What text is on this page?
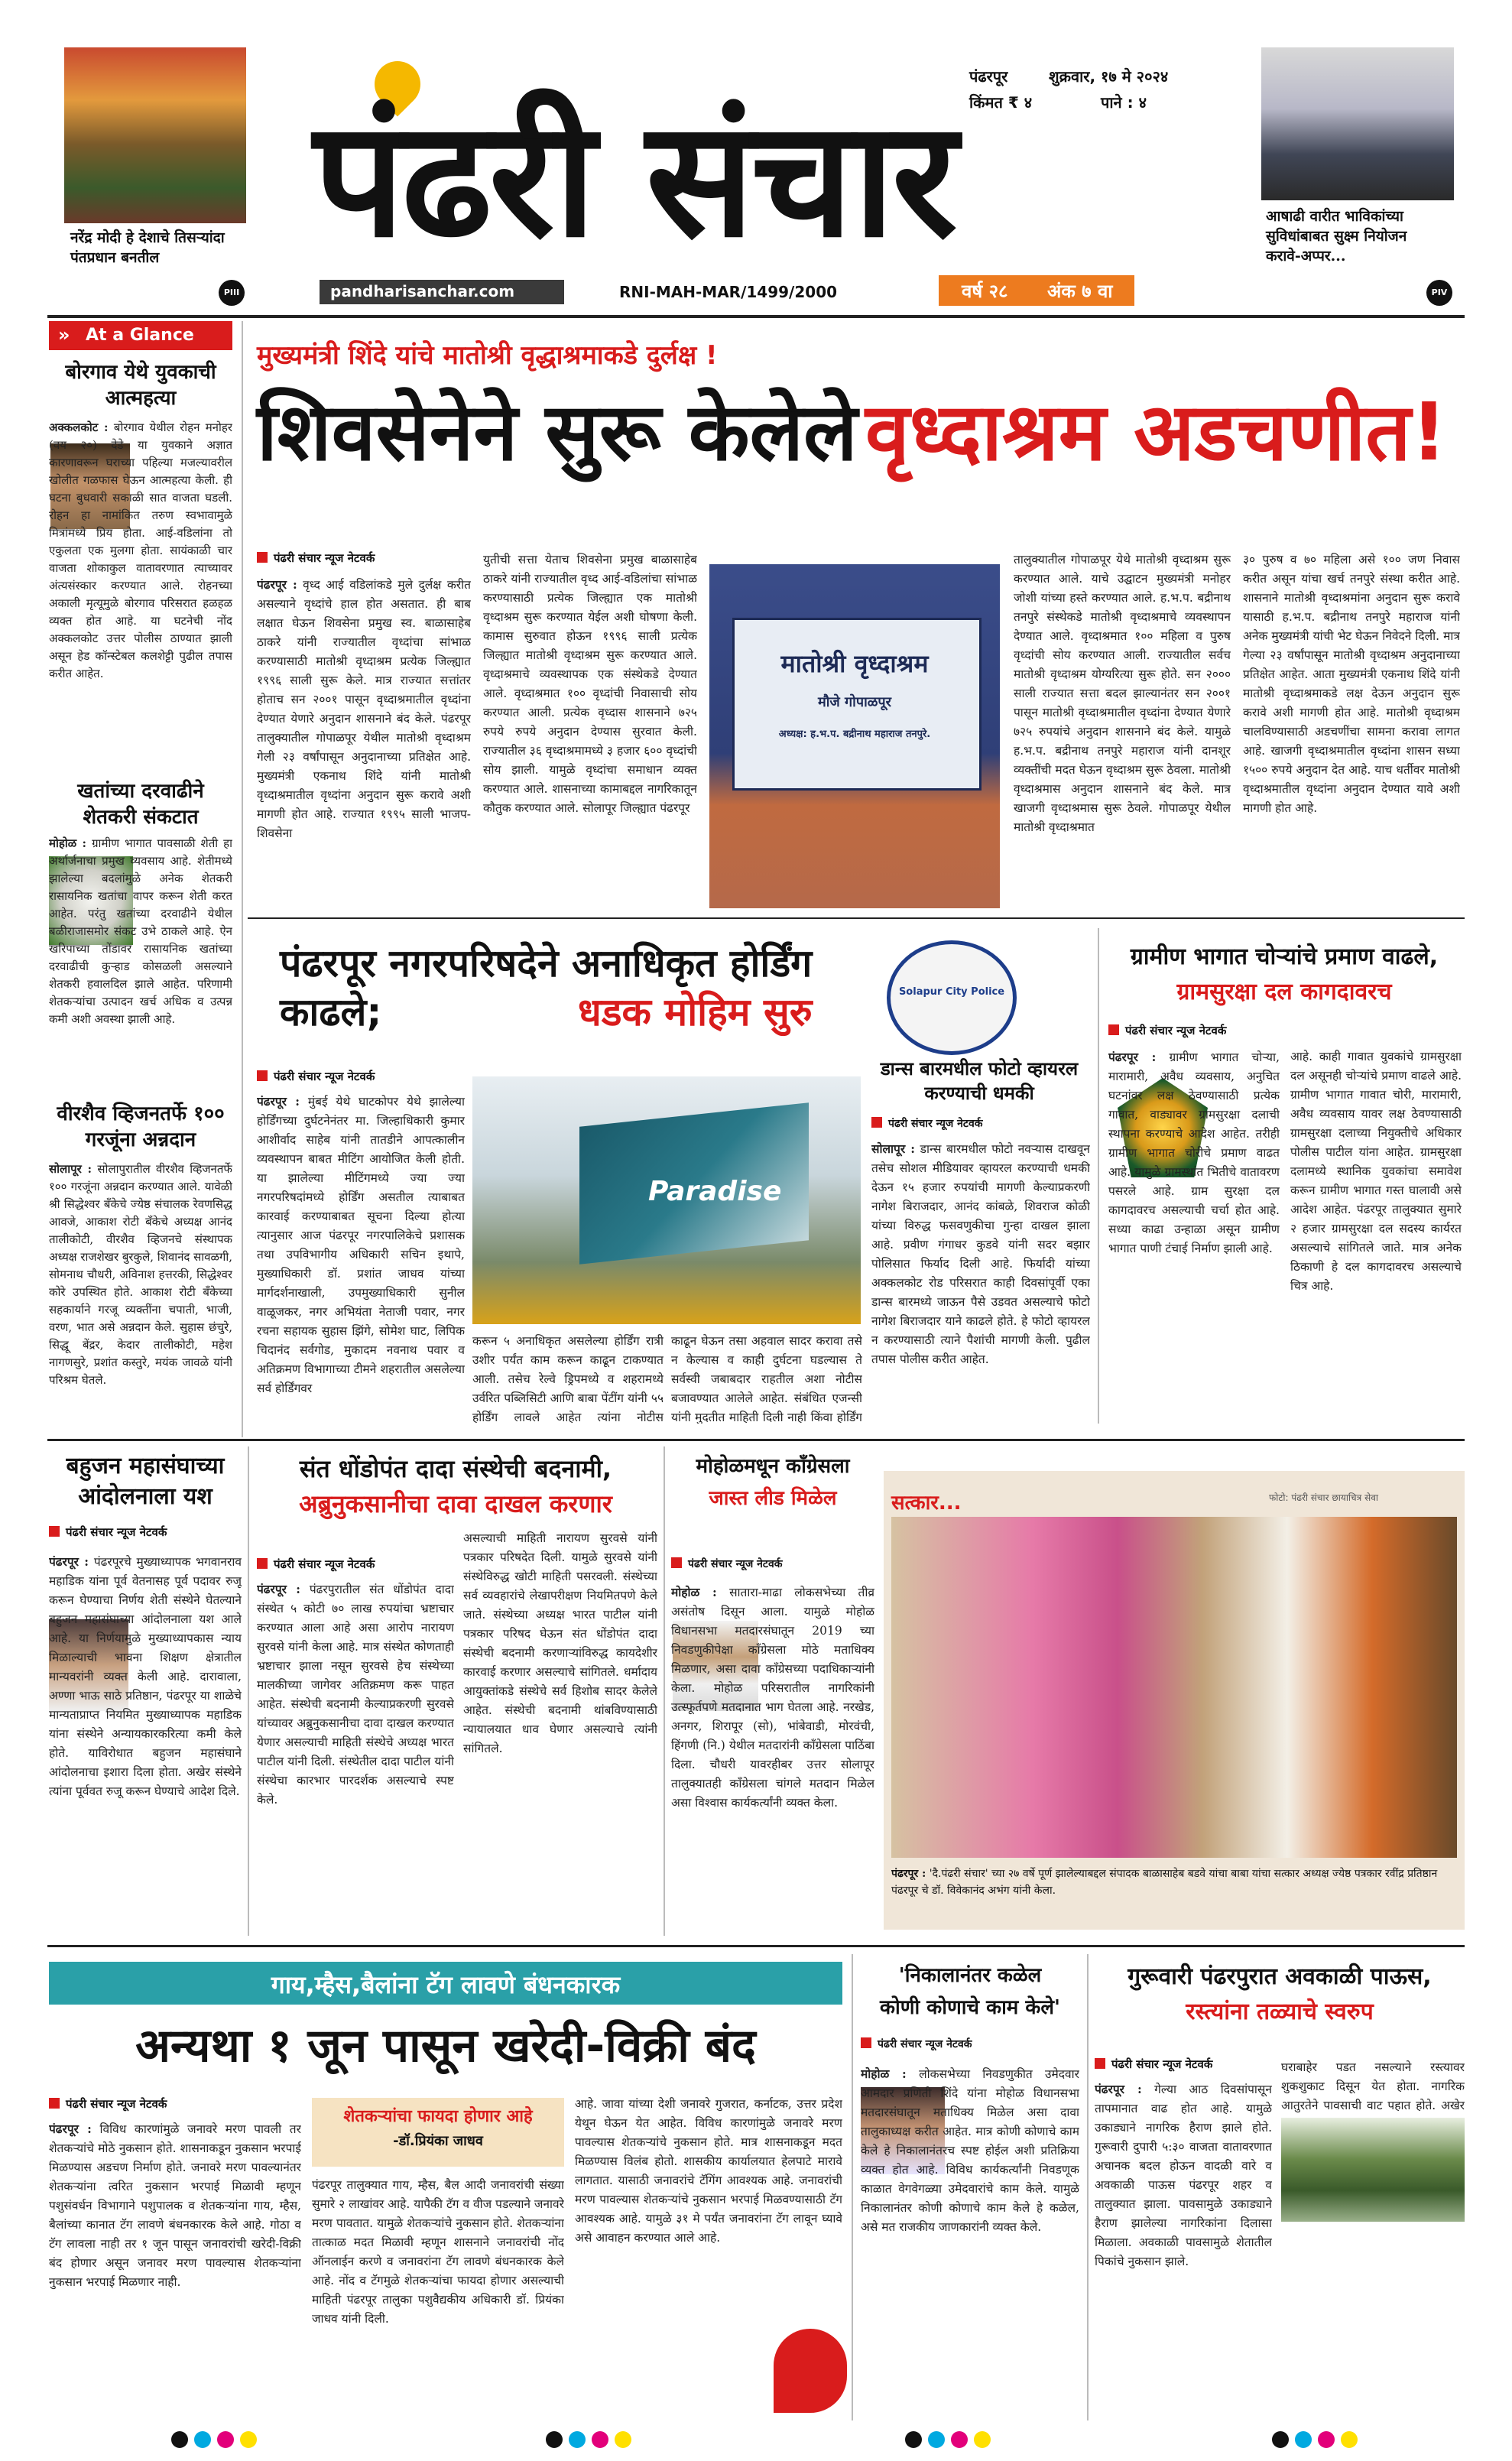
नरेंद्र मोदी हे देशाचे तिसऱ्यांदा पंतप्रधान बनतील
PIII
पंढरी संचार
pandharisanchar.com	RNI-MAH-MAR/1499/2000	वर्ष २८ अंक ७ वा
पंढरपूर	शुक्रवार, १७ मे २०२४
किंमत ₹ ४	पाने : ४
आषाढी वारीत भाविकांच्या सुविधांबाबत सुक्ष्म नियोजन करावे-अप्पर...
PIV
» At a Glance
बोरगाव येथे युवकाची आत्महत्या
अक्कलकोट : बोरगाव येथील रोहन मनोहर (वय २०) देडे या युवकाने अज्ञात कारणावरून घराच्या पहिल्या मजल्यावरील खोलीत गळफास घेऊन आत्महत्या केली. ही घटना बुधवारी सकाळी सात वाजता घडली. रोहन हा नामांकित तरुण स्वभावामुळे मित्रांमध्ये प्रिय होता. आई-वडिलांना तो एकुलता एक मुलगा होता. सायंकाळी चार वाजता शोकाकुल वातावरणात त्याच्यावर अंत्यसंस्कार करण्यात आले. रोहनच्या अकाली मृत्यूमुळे बोरगाव परिसरात हळहळ व्यक्त होत आहे. या घटनेची नोंद अक्कलकोट उत्तर पोलीस ठाण्यात झाली असून हेड कॉन्स्टेबल कलशेट्टी पुढील तपास करीत आहेत.
खतांच्या दरवाढीने शेतकरी संकटात
मोहोळ : ग्रामीण भागात पावसाळी शेती हा अर्थार्जनाचा प्रमुख व्यवसाय आहे. शेतीमध्ये झालेल्या बदलांमुळे अनेक शेतकरी रासायनिक खतांचा वापर करून शेती करत आहेत. परंतु खतांच्या दरवाढीने येथील बळीराजासमोर संकट उभे ठाकले आहे. ऐन खरिपाच्या तोंडावर रासायनिक खतांच्या दरवाढीची कुऱ्हाड कोसळली असल्याने शेतकरी हवालदिल झाले आहेत. परिणामी शेतकऱ्यांचा उत्पादन खर्च अधिक व उत्पन्न कमी अशी अवस्था झाली आहे.
वीरशैव व्हिजनतर्फे १०० गरजूंना अन्नदान
सोलापूर : सोलापुरातील वीरशैव व्हिजनतर्फे १०० गरजूंना अन्नदान करण्यात आले. यावेळी श्री सिद्धेश्वर बँकेचे ज्येष्ठ संचालक रेवणसिद्ध आवजे, आकाश रोटी बँकेचे अध्यक्ष आनंद तालीकोटी, वीरशैव व्हिजनचे संस्थापक अध्यक्ष राजशेखर बुरकुले, शिवानंद सावळगी, सोमनाथ चौधरी, अविनाश हत्तरकी, सिद्धेश्वर कोरे उपस्थित होते. आकाश रोटी बँकेच्या सहकार्याने गरजू व्यक्तींना चपाती, भाजी, वरण, भात असे अन्नदान केले. सुहास छंचुरे, सिद्धू बेंद्रर, केदार तालीकोटी, महेश नागणसुरे, प्रशांत कस्तुरे, मयंक जावळे यांनी परिश्रम घेतले.
मुख्यमंत्री शिंदे यांचे मातोश्री वृद्धाश्रमाकडे दुर्लक्ष !
शिवसेनेने सुरू केलेले वृध्दाश्रम अडचणीत!
पंढरी संचार न्यूज नेटवर्क
पंढरपूर : वृध्द आई वडिलांकडे मुले दुर्लक्ष करीत असल्याने वृध्दांचे हाल होत असतात. ही बाब लक्षात घेऊन शिवसेना प्रमुख स्व. बाळासाहेब ठाकरे यांनी राज्यातील वृध्दांचा सांभाळ करण्यासाठी मातोश्री वृध्दाश्रम प्रत्येक जिल्ह्यात १९९६ साली सुरू केले. मात्र राज्यात सत्तांतर होताच सन २००१ पासून वृध्दाश्रमातील वृध्दांना देण्यात येणारे अनुदान शासनाने बंद केले. पंढरपूर तालुक्यातील गोपाळपूर येथील मातोश्री वृध्दाश्रम गेली २३ वर्षांपासून अनुदानाच्या प्रतिक्षेत आहे. मुख्यमंत्री एकनाथ शिंदे यांनी मातोश्री वृध्दाश्रमातील वृध्दांना अनुदान सुरू करावे अशी मागणी होत आहे. राज्यात १९९५ साली भाजप-शिवसेना
युतीची सत्ता येताच शिवसेना प्रमुख बाळासाहेब ठाकरे यांनी राज्यातील वृध्द आई-वडिलांचा सांभाळ करण्यासाठी प्रत्येक जिल्ह्यात एक मातोश्री वृध्दाश्रम सुरू करण्यात येईल अशी घोषणा केली. कामास सुरुवात होऊन १९९६ साली प्रत्येक जिल्ह्यात मातोश्री वृध्दाश्रम सुरू करण्यात आले. वृध्दाश्रमाचे व्यवस्थापक एक संस्थेकडे देण्यात आले. वृध्दाश्रमात १०० वृध्दांची निवासाची सोय करण्यात आली. प्रत्येक वृध्दास शासनाने ७२५ रुपये रुपये अनुदान देण्यास सुरवात केली. राज्यातील ३६ वृध्दाश्रमामध्ये ३ हजार ६०० वृध्दांची सोय झाली. यामुळे वृध्दांचा समाधान व्यक्त करण्यात आले. शासनाच्या कामाबद्दल नागरिकातून कौतुक करण्यात आले. सोलापूर जिल्ह्यात पंढरपूर
मातोश्री वृध्दाश्रम
मौजे गोपाळपूर
अध्यक्ष: ह.भ.प. बद्रीनाथ महाराज तनपुरे.
तालुक्यातील गोपाळपूर येथे मातोश्री वृध्दाश्रम सुरू करण्यात आले. याचे उद्घाटन मुख्यमंत्री मनोहर जोशी यांच्या हस्ते करण्यात आले. ह.भ.प. बद्रीनाथ तनपुरे संस्थेकडे मातोश्री वृध्दाश्रमाचे व्यवस्थापन देण्यात आले. वृध्दाश्रमात १०० महिला व पुरुष वृध्दांची सोय करण्यात आली. राज्यातील सर्वच मातोश्री वृध्दाश्रम योग्यरित्या सुरू होते. सन २००० साली राज्यात सत्ता बदल झाल्यानंतर सन २००१ पासून मातोश्री वृध्दाश्रमातील वृध्दांना देण्यात येणारे ७२५ रुपयांचे अनुदान शासनाने बंद केले. यामुळे ह.भ.प. बद्रीनाथ तनपुरे महाराज यांनी दानशूर व्यक्तींची मदत घेऊन वृध्दाश्रम सुरू ठेवला. मातोश्री वृध्दाश्रमास अनुदान शासनाने बंद केले. मात्र खाजगी वृध्दाश्रमास सुरू ठेवले. गोपाळपूर येथील मातोश्री वृध्दाश्रमात
३० पुरुष व ७० महिला असे १०० जण निवास करीत असून यांचा खर्च तनपुरे संस्था करीत आहे. शासनाने मातोश्री वृध्दाश्रमांना अनुदान सुरू करावे यासाठी ह.भ.प. बद्रीनाथ तनपुरे महाराज यांनी अनेक मुख्यमंत्री यांची भेट घेऊन निवेदने दिली. मात्र गेल्या २३ वर्षांपासून मातोश्री वृध्दाश्रम अनुदानाच्या प्रतिक्षेत आहेत. आता मुख्यमंत्री एकनाथ शिंदे यांनी मातोश्री वृध्दाश्रमाकडे लक्ष देऊन अनुदान सुरू करावे अशी मागणी होत आहे. मातोश्री वृध्दाश्रम चालविण्यासाठी अडचणींचा सामना करावा लागत आहे. खाजगी वृध्दाश्रमातील वृध्दांना शासन सध्या १५०० रुपये अनुदान देत आहे. याच धर्तीवर मातोश्री वृध्दाश्रमातील वृध्दांना अनुदान देण्यात यावे अशी मागणी होत आहे.
पंढरपूर नगरपरिषदेने अनाधिकृत होर्डिंग काढले;	धडक मोहिम सुरु
पंढरी संचार न्यूज नेटवर्क
पंढरपूर : मुंबई येथे घाटकोपर येथे झालेल्या होर्डिंगच्या दुर्घटनेनंतर मा. जिल्हाधिकारी कुमार आशीर्वाद साहेब यांनी तातडीने आपत्कालीन व्यवस्थापन बाबत मीटिंग आयोजित केली होती. या झालेल्या मीटिंगमध्ये ज्या ज्या नगरपरिषदांमध्ये होर्डिंग असतील त्याबाबत कारवाई करण्याबाबत सूचना दिल्या होत्या त्यानुसार आज पंढरपूर नगरपालिकेचे प्रशासक तथा उपविभागीय अधिकारी सचिन इथापे, मुख्याधिकारी डॉ. प्रशांत जाधव यांच्या मार्गदर्शनाखाली, उपमुख्याधिकारी सुनील वाळूजकर, नगर अभियंता नेताजी पवार, नगर रचना सहायक सुहास झिंगे, सोमेश घाट, लिपिक चिदानंद सर्वगोड, मुकादम नवनाथ पवार व अतिक्रमण विभागाच्या टीमने शहरातील असलेल्या सर्व होर्डिंगवर
Paradise
करून ५ अनाधिकृत असलेल्या होर्डिंग रात्री उशीर पर्यंत काम करून काढून टाकण्यात आली. तसेच रेल्वे ड्रिपमध्ये व शहरामध्ये उर्वरित पब्लिसिटी आणि बाबा पेंटींग यांनी ५५ होर्डिंग लावले आहेत त्यांना नोटीस
काढून घेऊन तसा अहवाल सादर करावा तसे न केल्यास व काही दुर्घटना घडल्यास ते सर्वस्वी जबाबदार राहतील अशा नोटीस बजावण्यात आलेले आहेत. संबंधित एजन्सी यांनी मुदतीत माहिती दिली नाही किंवा होर्डिंग
Solapur City Police
डान्स बारमधील फोटो व्हायरल करण्याची धमकी
पंढरी संचार न्यूज नेटवर्क
सोलापूर : डान्स बारमधील फोटो नवऱ्यास दाखवून तसेच सोशल मीडियावर व्हायरल करण्याची धमकी देऊन १५ हजार रुपयांची मागणी केल्याप्रकरणी नागेश बिराजदार, आनंद कांबळे, शिवराज कोळी यांच्या विरुद्ध फसवणुकीचा गुन्हा दाखल झाला आहे. प्रवीण गंगाधर कुडवे यांनी सदर बझार पोलिसात फिर्याद दिली आहे. फिर्यादी यांच्या अक्कलकोट रोड परिसरात काही दिवसांपूर्वी एका डान्स बारमध्ये जाऊन पैसे उडवत असल्याचे फोटो नागेश बिराजदार याने काढले होते. हे फोटो व्हायरल न करण्यासाठी त्याने पैशांची मागणी केली. पुढील तपास पोलीस करीत आहेत.
ग्रामीण भागात चोऱ्यांचे प्रमाण वाढले,
ग्रामसुरक्षा दल कागदावरच
पंढरी संचार न्यूज नेटवर्क
पंढरपूर : ग्रामीण भागात चोऱ्या, मारामारी, अवैध व्यवसाय, अनुचित घटनांवर लक्ष ठेवण्यासाठी प्रत्येक गावात, वाड्यावर ग्रामसुरक्षा दलाची स्थापना करण्याचे आदेश आहेत. तरीही ग्रामीण भागात चोरीचे प्रमाण वाढत आहे. यामुळे ग्रामस्थांत भितीचे वातावरण पसरले आहे. ग्राम सुरक्षा दल कागदावरच असल्याची चर्चा होत आहे. सध्या काढा उन्हाळा असून ग्रामीण भागात पाणी टंचाई निर्माण झाली आहे.
आहे. काही गावात युवकांचे ग्रामसुरक्षा दल असूनही चोऱ्यांचे प्रमाण वाढले आहे. ग्रामीण भागात गावात चोरी, मारामारी, अवैध व्यवसाय यावर लक्ष ठेवण्यासाठी ग्रामसुरक्षा दलाच्या नियुक्तीचे अधिकार पोलीस पाटील यांना आहेत. ग्रामसुरक्षा दलामध्ये स्थानिक युवकांचा समावेश करून ग्रामीण भागात गस्त घालावी असे आदेश आहेत. पंढरपूर तालुक्यात सुमारे २ हजार ग्रामसुरक्षा दल सदस्य कार्यरत असल्याचे सांगितले जाते. मात्र अनेक ठिकाणी हे दल कागदावरच असल्याचे चित्र आहे.
बहुजन महासंघाच्या आंदोलनाला यश
पंढरी संचार न्यूज नेटवर्क
पंढरपूर : पंढरपूरचे मुख्याध्यापक भगवानराव महाडिक यांना पूर्व वेतनासह पूर्व पदावर रुजू करून घेण्याचा निर्णय शेती संस्थेने घेतल्याने बहुजन महासंघाच्या आंदोलनाला यश आले आहे. या निर्णयामुळे मुख्याध्यापकास न्याय मिळाल्याची भावना शिक्षण क्षेत्रातील मान्यवरांनी व्यक्त केली आहे. दारावाला, अण्णा भाऊ साठे प्रतिष्ठान, पंढरपूर या शाळेचे मान्यताप्राप्त नियमित मुख्याध्यापक महाडिक यांना संस्थेने अन्यायकारकरित्या कमी केले होते. याविरोधात बहुजन महासंघाने आंदोलनाचा इशारा दिला होता. अखेर संस्थेने त्यांना पूर्ववत रुजू करून घेण्याचे आदेश दिले.
संत धोंडोपंत दादा संस्थेची बदनामी,
अब्रुनुकसानीचा दावा दाखल करणार
पंढरी संचार न्यूज नेटवर्क
पंढरपूर : पंढरपुरातील संत धोंडोपंत दादा संस्थेत ५ कोटी ७० लाख रुपयांचा भ्रष्टाचार करण्यात आला आहे असा आरोप नारायण सुरवसे यांनी केला आहे. मात्र संस्थेत कोणताही भ्रष्टाचार झाला नसून सुरवसे हेच संस्थेच्या मालकीच्या जागेवर अतिक्रमण करू पाहत आहेत. संस्थेची बदनामी केल्याप्रकरणी सुरवसे यांच्यावर अब्रुनुकसानीचा दावा दाखल करण्यात येणार असल्याची माहिती संस्थेचे अध्यक्ष भारत पाटील यांनी दिली. संस्थेतील दादा पाटील यांनी संस्थेचा कारभार पारदर्शक असल्याचे स्पष्ट केले.
असल्याची माहिती नारायण सुरवसे यांनी पत्रकार परिषदेत दिली. यामुळे सुरवसे यांनी संस्थेविरुद्ध खोटी माहिती पसरवली. संस्थेच्या सर्व व्यवहारांचे लेखापरीक्षण नियमितपणे केले जाते. संस्थेच्या अध्यक्ष भारत पाटील यांनी पत्रकार परिषद घेऊन संत धोंडोपंत दादा संस्थेची बदनामी करणाऱ्यांविरुद्ध कायदेशीर कारवाई करणार असल्याचे सांगितले. धर्मादाय आयुक्तांकडे संस्थेचे सर्व हिशोब सादर केलेले आहेत. संस्थेची बदनामी थांबविण्यासाठी न्यायालयात धाव घेणार असल्याचे त्यांनी सांगितले.
मोहोळमधून काँग्रेसला
जास्त लीड मिळेल
पंढरी संचार न्यूज नेटवर्क
मोहोळ : सातारा-माढा लोकसभेच्या तीव्र असंतोष दिसून आला. यामुळे मोहोळ विधानसभा मतदारसंघातून 2019 च्या निवडणुकीपेक्षा काँग्रेसला मोठे मताधिक्य मिळणार, असा दावा काँग्रेसच्या पदाधिकाऱ्यांनी केला. मोहोळ परिसरातील नागरिकांनी उत्स्फूर्तपणे मतदानात भाग घेतला आहे. नरखेड, अनगर, शिरापूर (सो), भांबेवाडी, मोरवंची, हिंगणी (नि.) येथील मतदारांनी काँग्रेसला पाठिंबा दिला. चौधरी यावरहीबर उत्तर सोलापूर तालुक्यातही काँग्रेसला चांगले मतदान मिळेल असा विश्वास कार्यकर्त्यांनी व्यक्त केला.
सत्कार...	फोटो: पंढरी संचार छायाचित्र सेवा
पंढरपूर : 'दै.पंढरी संचार' च्या २७ वर्षे पूर्ण झालेल्याबद्दल संपादक बाळासाहेब बडवे यांचा बाबा यांचा सत्कार अध्यक्ष ज्येष्ठ पत्रकार रवींद्र प्रतिष्ठान पंढरपूर चे डॉ. विवेकानंद अभंग यांनी केला.
गाय,म्हैस,बैलांना टॅग लावणे बंधनकारक
अन्यथा १ जून पासून खरेदी-विक्री बंद
पंढरी संचार न्यूज नेटवर्क
पंढरपूर : विविध कारणांमुळे जनावरे मरण पावली तर शेतकऱ्यांचे मोठे नुकसान होते. शासनाकडून नुकसान भरपाई मिळण्यास अडचण निर्माण होते. जनावरे मरण पावल्यानंतर शेतकऱ्यांना त्वरित नुकसान भरपाई मिळावी म्हणून पशुसंवर्धन विभागाने पशुपालक व शेतकऱ्यांना गाय, म्हैस, बैलांच्या कानात टॅग लावणे बंधनकारक केले आहे. गोठा व टॅग लावला नाही तर १ जून पासून जनावरांची खरेदी-विक्री बंद होणार असून जनावर मरण पावल्यास शेतकऱ्यांना नुकसान भरपाई मिळणार नाही.
शेतकऱ्यांचा फायदा होणार आहे
-डॉ.प्रियंका जाधव
पंढरपूर तालुक्यात गाय, म्हैस, बैल आदी जनावरांची संख्या सुमारे २ लाखांवर आहे. यापैकी टॅग व वीज पडल्याने जनावरे मरण पावतात. यामुळे शेतकऱ्यांचे नुकसान होते. शेतकऱ्यांना तात्काळ मदत मिळावी म्हणून शासनाने जनावरांची नोंद ऑनलाईन करणे व जनावरांना टॅग लावणे बंधनकारक केले आहे. नोंद व टॅगमुळे शेतकऱ्यांचा फायदा होणार असल्याची माहिती पंढरपूर तालुका पशुवैद्यकीय अधिकारी डॉ. प्रियंका जाधव यांनी दिली.
आहे. जावा यांच्या देशी जनावरे गुजरात, कर्नाटक, उत्तर प्रदेश येथून घेऊन येत आहेत. विविध कारणांमुळे जनावरे मरण पावल्यास शेतकऱ्यांचे नुकसान होते. मात्र शासनाकडून मदत मिळण्यास विलंब होतो. शासकीय कार्यालयात हेलपाटे मारावे लागतात. यासाठी जनावरांचे टॅगिंग आवश्यक आहे. जनावरांची मरण पावल्यास शेतकऱ्यांचे नुकसान भरपाई मिळवण्यासाठी टॅग आवश्यक आहे. यामुळे ३१ मे पर्यंत जनावरांना टॅग लावून घ्यावे असे आवाहन करण्यात आले आहे.
'निकालानंतर कळेल
कोणी कोणाचे काम केले'
पंढरी संचार न्यूज नेटवर्क
मोहोळ : लोकसभेच्या निवडणुकीत उमेदवार आमदार प्रणिती शिंदे यांना मोहोळ विधानसभा मतदारसंघातून मताधिक्य मिळेल असा दावा तालुकाध्यक्ष करीत आहेत. मात्र कोणी कोणाचे काम केले हे निकालानंतरच स्पष्ट होईल अशी प्रतिक्रिया व्यक्त होत आहे. विविध कार्यकर्त्यांनी निवडणूक काळात वेगवेगळ्या उमेदवारांचे काम केले. यामुळे निकालानंतर कोणी कोणाचे काम केले हे कळेल, असे मत राजकीय जाणकारांनी व्यक्त केले.
गुरूवारी पंढरपुरात अवकाळी पाऊस,
रस्त्यांना तळ्याचे स्वरुप
पंढरी संचार न्यूज नेटवर्क
पंढरपूर : गेल्या आठ दिवसांपासून तापमानात वाढ होत आहे. यामुळे उकाड्याने नागरिक हैराण झाले होते. गुरूवारी दुपारी ५:३० वाजता वातावरणात अचानक बदल होऊन वादळी वारे व अवकाळी पाऊस पंढरपूर शहर व तालुक्यात झाला. पावसामुळे उकाड्याने हैराण झालेल्या नागरिकांना दिलासा मिळाला. अवकाळी पावसामुळे शेतातील पिकांचे नुकसान झाले.
घराबाहेर पडत नसल्याने रस्त्यावर शुकशुकाट दिसून येत होता. नागरिक आतुरतेने पावसाची वाट पहात होते. अखेर
